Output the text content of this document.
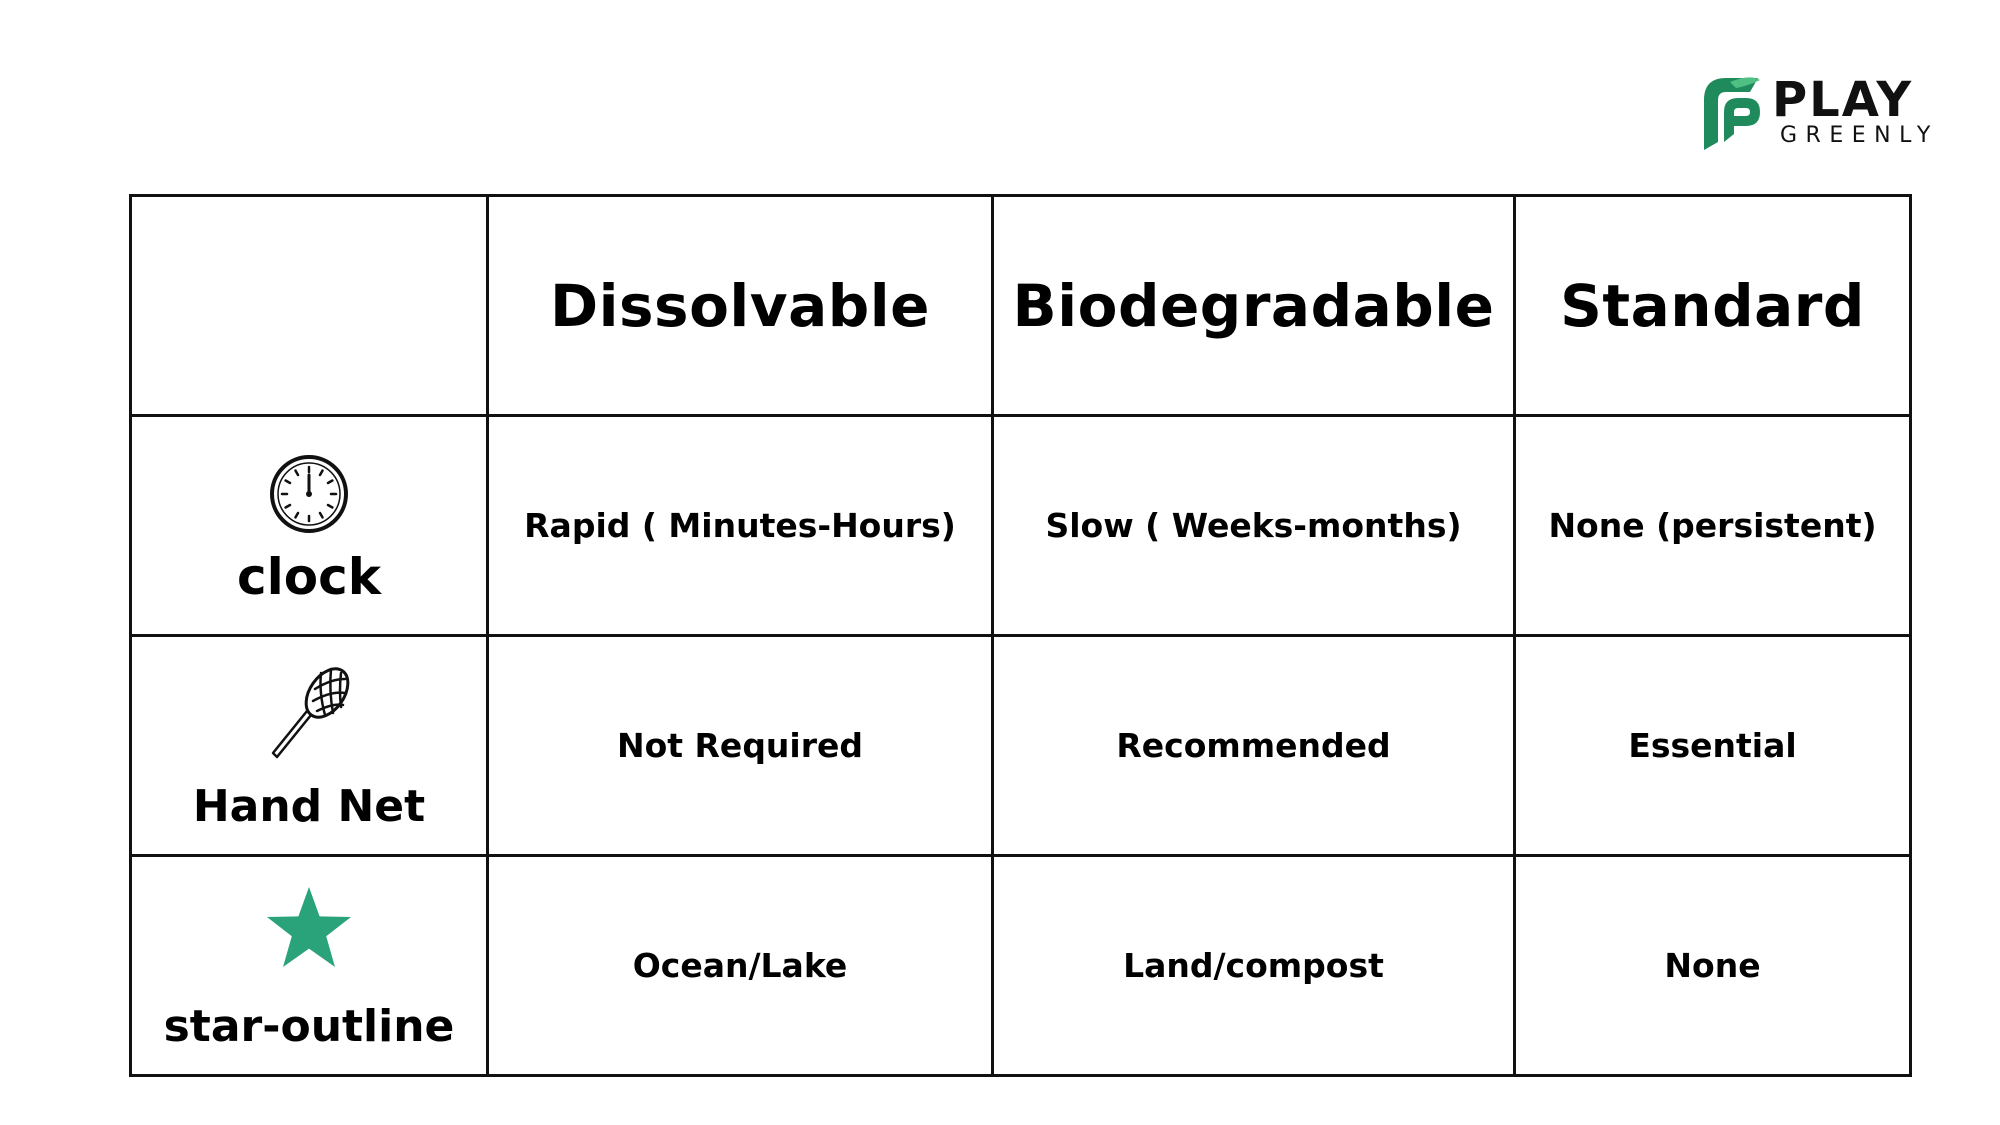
PLAY
GREENLY
	Dissolvable	Biodegradable	Standard

clock	Rapid ( Minutes-Hours)	Slow ( Weeks-months)	None (persistent)

Hand Net	Not Required	Recommended	Essential

star-outline	Ocean/Lake	Land/compost	None
